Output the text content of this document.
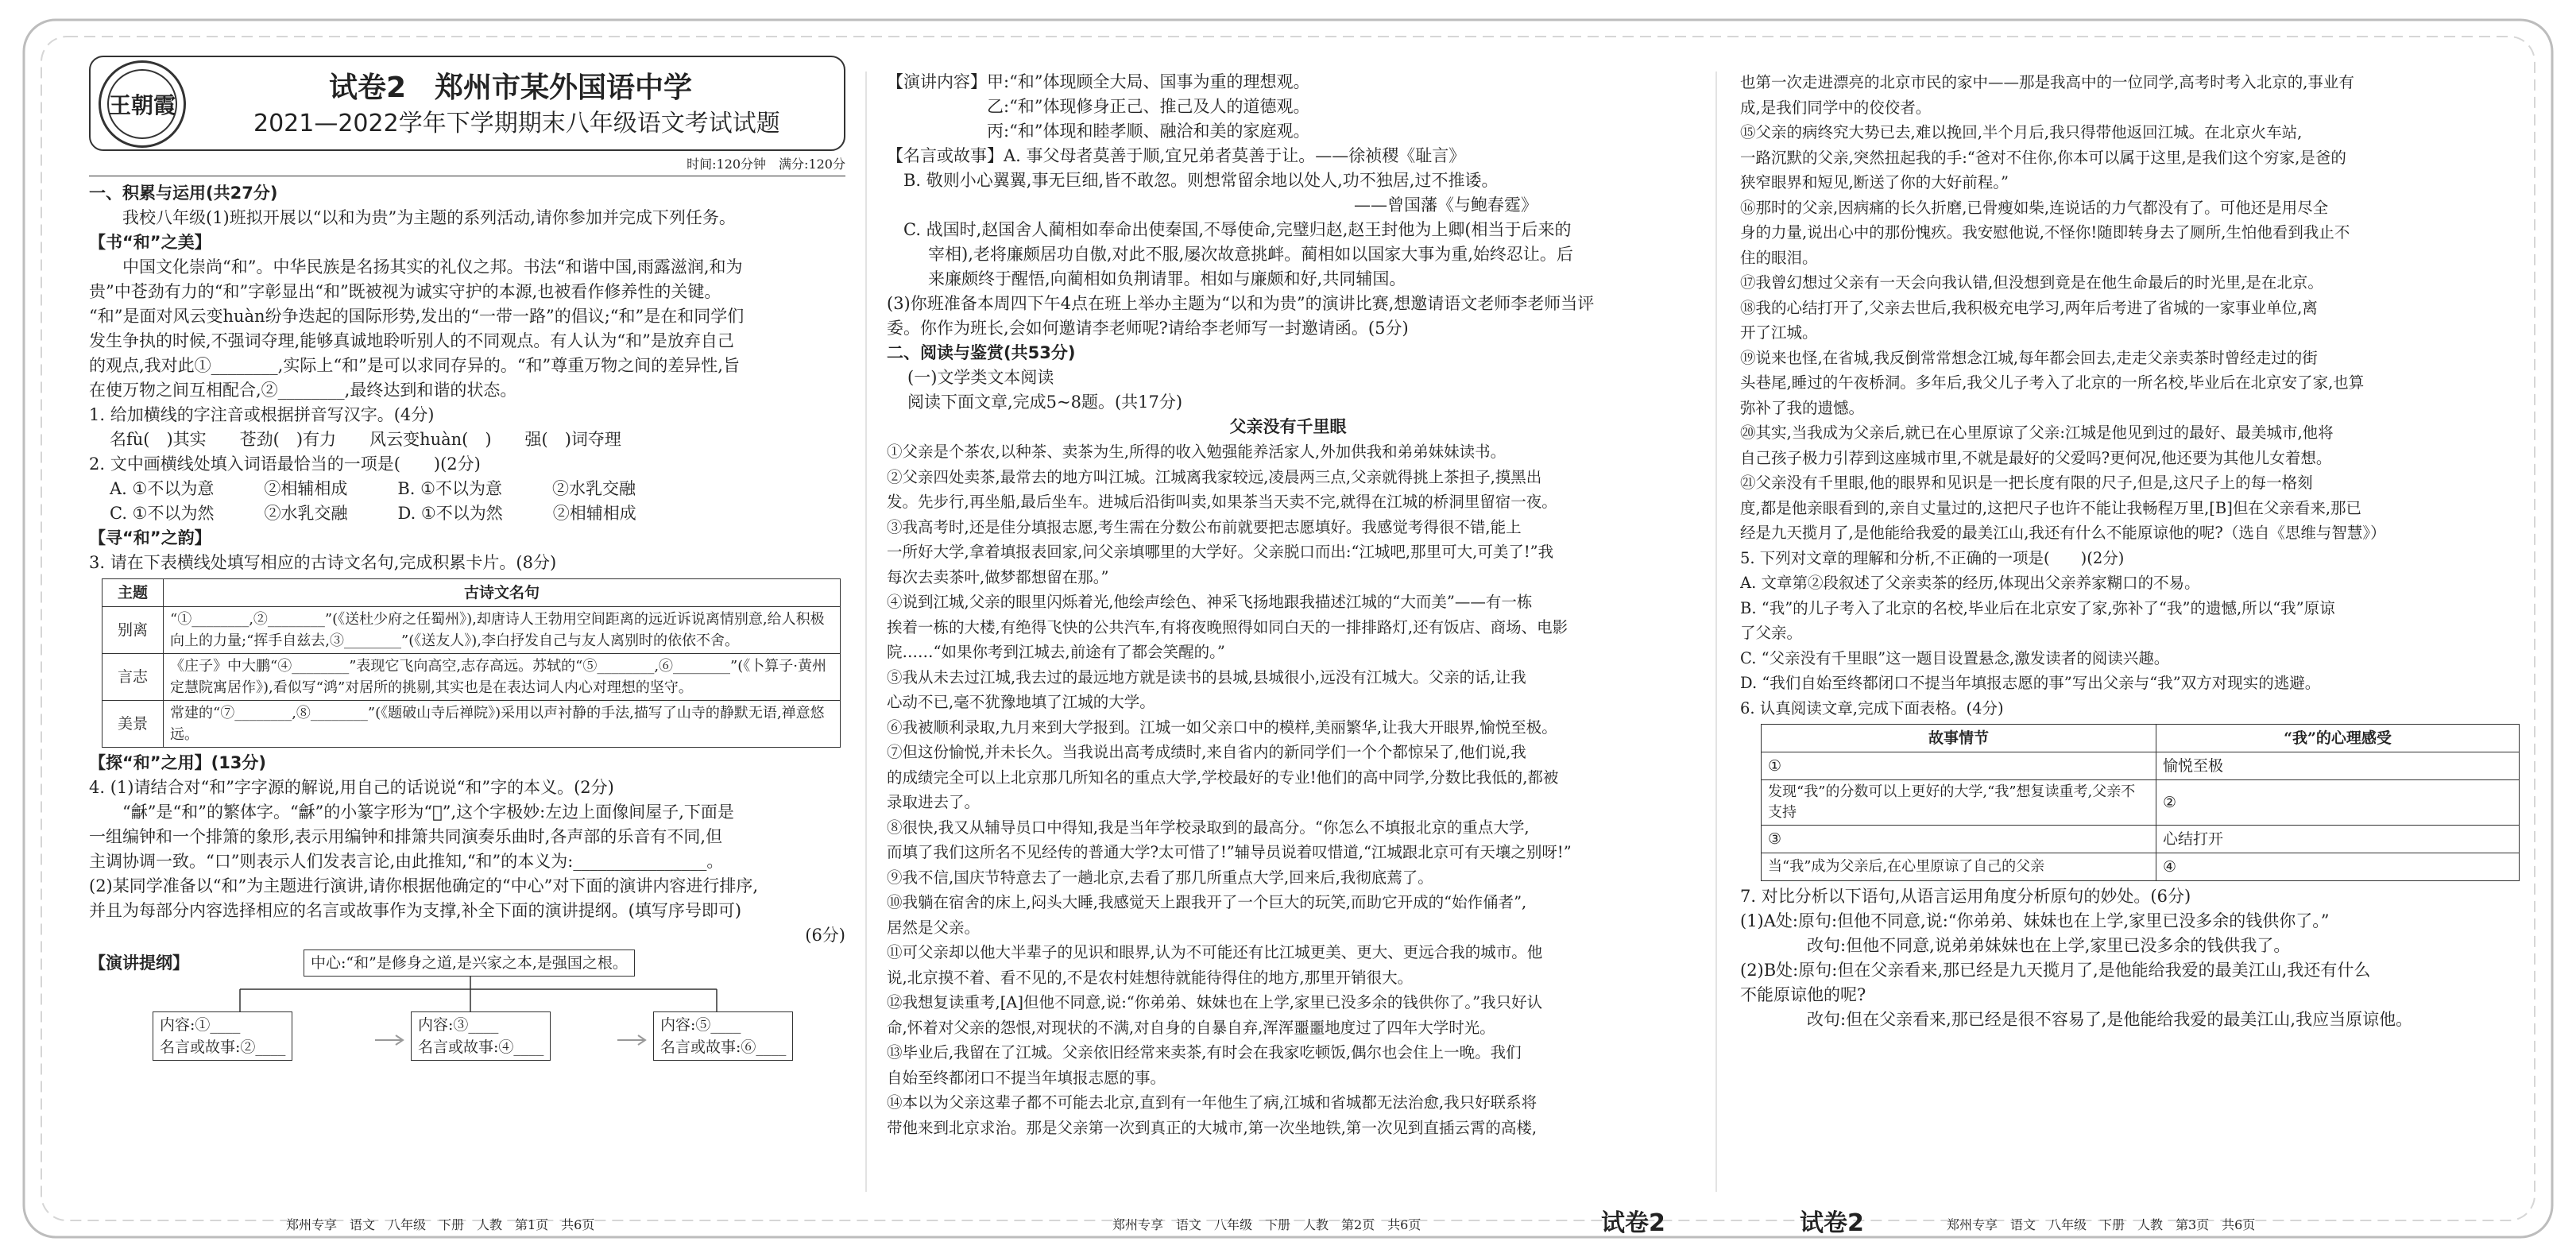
王朝霞
试卷2　郑州市某外国语中学
2021—2022学年下学期期末八年级语文考试试题
时间:120分钟　满分:120分

一、积累与运用(共27分)

我校八年级(1)班拟开展以“以和为贵”为主题的系列活动,请你参加并完成下列任务。

【书“和”之美】

中国文化崇尚“和”。中华民族是名扬其实的礼仪之邦。书法“和谐中国,雨露滋润,和为

贵”中苍劲有力的“和”字彰显出“和”既被视为诚实守护的本源,也被看作修养性的关键。

“和”是面对风云变huàn纷争迭起的国际形势,发出的“一带一路”的倡议;“和”是在和同学们

发生争执的时候,不强词夺理,能够真诚地聆听别人的不同观点。有人认为“和”是放弃自己

的观点,我对此①________,实际上“和”是可以求同存异的。“和”尊重万物之间的差异性,旨

在使万物之间互相配合,②________,最终达到和谐的状态。

1. 给加横线的字注音或根据拼音写汉字。(4分)

名fù(　)其实　　苍劲(　)有力　　风云变huàn(　)　　强(　)词夺理

2. 文中画横线处填入词语最恰当的一项是(　　)(2分)

A. ①不以为意　　　②相辅相成　　　B. ①不以为意　　　②水乳交融

C. ①不以为然　　　②水乳交融　　　D. ①不以为然　　　②相辅相成

【寻“和”之韵】

3. 请在下表横线处填写相应的古诗文名句,完成积累卡片。(8分)

主题	古诗文名句
别离	“①________,②________”(《送杜少府之任蜀州》),却唐诗人王勃用空间距离的远近诉说离情别意,给人积极向上的力量;“挥手自兹去,③________”(《送友人》),李白抒发自己与友人离别时的依依不舍。
言志	《庄子》中大鹏“④________”表现它飞向高空,志存高远。苏轼的“⑤________,⑥________”(《卜算子·黄州定慧院寓居作》),看似写“鸿”对居所的挑剔,其实也是在表达词人内心对理想的坚守。
美景	常建的“⑦________,⑧________”(《题破山寺后禅院》)采用以声衬静的手法,描写了山寺的静默无语,禅意悠远。

【探“和”之用】(13分)

4. (1)请结合对“和”字字源的解说,用自己的话说说“和”字的本义。(2分)

“龢”是“和”的繁体字。“龢”的小篆字形为“𪛉”,这个字极妙:左边上面像间屋子,下面是

一组编钟和一个排箫的象形,表示用编钟和排箫共同演奏乐曲时,各声部的乐音有不同,但

主调协调一致。“口”则表示人们发表言论,由此推知,“和”的本义为:________________。

(2)某同学准备以“和”为主题进行演讲,请你根据他确定的“中心”对下面的演讲内容进行排序,

并且为每部分内容选择相应的名言或故事作为支撑,补全下面的演讲提纲。(填写序号即可)

(6分)

【演讲提纲】	中心:“和”是修身之道,是兴家之本,是强国之根。
内容:①____
名言或故事:②____
内容:③____
名言或故事:④____
内容:⑤____
名言或故事:⑥____
郑州专享　语文　八年级　下册　人教　第1页　共6页

【演讲内容】甲:“和”体现顾全大局、国事为重的理想观。

　　　　　　乙:“和”体现修身正己、推己及人的道德观。

　　　　　　丙:“和”体现和睦孝顺、融洽和美的家庭观。

【名言或故事】A. 事父母者莫善于顺,宜兄弟者莫善于让。——徐祯稷《耻言》

　B. 敬则小心翼翼,事无巨细,皆不敢忽。则想常留余地以处人,功不独居,过不推诿。

　　　　　　　　　　　　　　　　　　　　　　　　　　　　——曾国藩《与鲍春霆》

　C. 战国时,赵国舍人蔺相如奉命出使秦国,不辱使命,完璧归赵,赵王封他为上卿(相当于后来的

宰相),老将廉颇居功自傲,对此不服,屡次故意挑衅。蔺相如以国家大事为重,始终忍让。后

来廉颇终于醒悟,向蔺相如负荆请罪。相如与廉颇和好,共同辅国。

(3)你班准备本周四下午4点在班上举办主题为“以和为贵”的演讲比赛,想邀请语文老师李老师当评

委。你作为班长,会如何邀请李老师呢?请给李老师写一封邀请函。(5分)

二、阅读与鉴赏(共53分)

(一)文学类文本阅读

阅读下面文章,完成5~8题。(共17分)

父亲没有千里眼

①父亲是个茶农,以种茶、卖茶为生,所得的收入勉强能养活家人,外加供我和弟弟妹妹读书。

②父亲四处卖茶,最常去的地方叫江城。江城离我家较远,凌晨两三点,父亲就得挑上茶担子,摸黑出

发。先步行,再坐船,最后坐车。进城后沿街叫卖,如果茶当天卖不完,就得在江城的桥洞里留宿一夜。

③我高考时,还是佳分填报志愿,考生需在分数公布前就要把志愿填好。我感觉考得很不错,能上

一所好大学,拿着填报表回家,问父亲填哪里的大学好。父亲脱口而出:“江城吧,那里可大,可美了!”我

每次去卖茶叶,做梦都想留在那。”

④说到江城,父亲的眼里闪烁着光,他绘声绘色、神采飞扬地跟我描述江城的“大而美”——有一栋

挨着一栋的大楼,有绝得飞快的公共汽车,有将夜晚照得如同白天的一排排路灯,还有饭店、商场、电影

院……“如果你考到江城去,前途有了都会笑醒的。”

⑤我从未去过江城,我去过的最远地方就是读书的县城,县城很小,远没有江城大。父亲的话,让我

心动不已,毫不犹豫地填了江城的大学。

⑥我被顺利录取,九月来到大学报到。江城一如父亲口中的模样,美丽繁华,让我大开眼界,愉悦至极。

⑦但这份愉悦,并未长久。当我说出高考成绩时,来自省内的新同学们一个个都惊呆了,他们说,我

的成绩完全可以上北京那几所知名的重点大学,学校最好的专业!他们的高中同学,分数比我低的,都被

录取进去了。

⑧很快,我又从辅导员口中得知,我是当年学校录取到的最高分。“你怎么不填报北京的重点大学,

而填了我们这所名不见经传的普通大学?太可惜了!”辅导员说着叹惜道,“江城跟北京可有天壤之别呀!”

⑨我不信,国庆节特意去了一趟北京,去看了那几所重点大学,回来后,我彻底蔫了。

⑩我躺在宿舍的床上,闷头大睡,我感觉天上跟我开了一个巨大的玩笑,而助它开成的“始作俑者”,

居然是父亲。

⑪可父亲却以他大半辈子的见识和眼界,认为不可能还有比江城更美、更大、更远合我的城市。他

说,北京摸不着、看不见的,不是农村娃想待就能待得住的地方,那里开销很大。

⑫我想复读重考,[A]但他不同意,说:“你弟弟、妹妹也在上学,家里已没多余的钱供你了。”我只好认

命,怀着对父亲的怨恨,对现状的不满,对自身的自暴自弃,浑浑噩噩地度过了四年大学时光。

⑬毕业后,我留在了江城。父亲依旧经常来卖茶,有时会在我家吃顿饭,偶尔也会住上一晚。我们

自始至终都闭口不提当年填报志愿的事。

⑭本以为父亲这辈子都不可能去北京,直到有一年他生了病,江城和省城都无法治愈,我只好联系将

带他来到北京求治。那是父亲第一次到真正的大城市,第一次坐地铁,第一次见到直插云霄的高楼,

郑州专享　语文　八年级　下册　人教　第2页　共6页	试卷2

也第一次走进漂亮的北京市民的家中——那是我高中的一位同学,高考时考入北京的,事业有

成,是我们同学中的佼佼者。

⑮父亲的病终究大势已去,难以挽回,半个月后,我只得带他返回江城。在北京火车站,

一路沉默的父亲,突然扭起我的手:“爸对不住你,你本可以属于这里,是我们这个穷家,是爸的

狭窄眼界和短见,断送了你的大好前程。”

⑯那时的父亲,因病痛的长久折磨,已骨瘦如柴,连说话的力气都没有了。可他还是用尽全

身的力量,说出心中的那份愧疚。我安慰他说,不怪你!随即转身去了厕所,生怕他看到我止不

住的眼泪。

⑰我曾幻想过父亲有一天会向我认错,但没想到竟是在他生命最后的时光里,是在北京。

⑱我的心结打开了,父亲去世后,我积极充电学习,两年后考进了省城的一家事业单位,离

开了江城。

⑲说来也怪,在省城,我反倒常常想念江城,每年都会回去,走走父亲卖茶时曾经走过的街

头巷尾,睡过的午夜桥洞。多年后,我父儿子考入了北京的一所名校,毕业后在北京安了家,也算

弥补了我的遗憾。

⑳其实,当我成为父亲后,就已在心里原谅了父亲:江城是他见到过的最好、最美城市,他将

自己孩子极力引荐到这座城市里,不就是最好的父爱吗?更何况,他还要为其他儿女着想。

㉑父亲没有千里眼,他的眼界和见识是一把长度有限的尺子,但是,这尺子上的每一格刻

度,都是他亲眼看到的,亲自丈量过的,这把尺子也许不能让我畅程万里,[B]但在父亲看来,那已

经是九天揽月了,是他能给我爱的最美江山,我还有什么不能原谅他的呢?（选自《思维与智慧》）

5. 下列对文章的理解和分析,不正确的一项是(　　)(2分)

A. 文章第②段叙述了父亲卖茶的经历,体现出父亲养家糊口的不易。

B. “我”的儿子考入了北京的名校,毕业后在北京安了家,弥补了“我”的遗憾,所以“我”原谅

了父亲。

C. “父亲没有千里眼”这一题目设置悬念,激发读者的阅读兴趣。

D. “我们自始至终都闭口不提当年填报志愿的事”写出父亲与“我”双方对现实的逃避。

6. 认真阅读文章,完成下面表格。(4分)

故事情节	“我”的心理感受
①	愉悦至极
发现“我”的分数可以上更好的大学,“我”想复读重考,父亲不支持	②
③	心结打开
当“我”成为父亲后,在心里原谅了自己的父亲	④

7. 对比分析以下语句,从语言运用角度分析原句的妙处。(6分)

(1)A处:原句:但他不同意,说:“你弟弟、妹妹也在上学,家里已没多余的钱供你了。”

　　　　改句:但他不同意,说弟弟妹妹也在上学,家里已没多余的钱供我了。

(2)B处:原句:但在父亲看来,那已经是九天揽月了,是他能给我爱的最美江山,我还有什么

不能原谅他的呢?

　　　　改句:但在父亲看来,那已经是很不容易了,是他能给我爱的最美江山,我应当原谅他。

试卷2	郑州专享　语文　八年级　下册　人教　第3页　共6页
